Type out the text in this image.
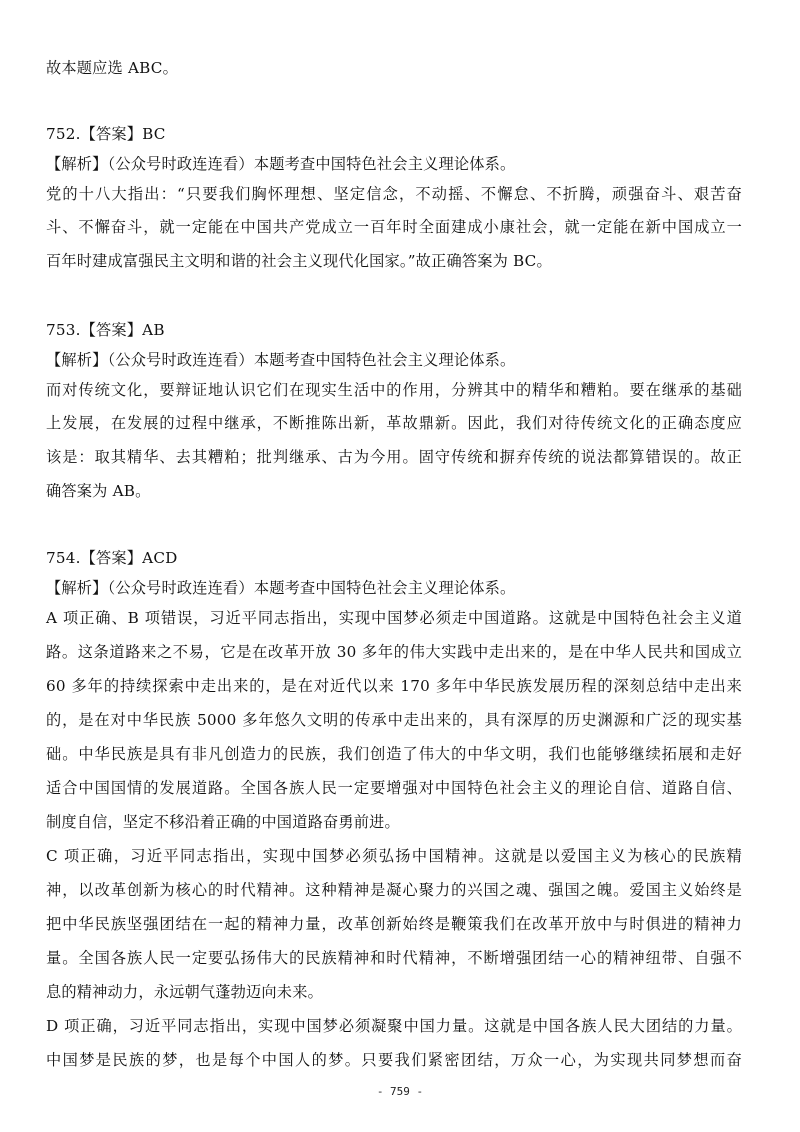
故本题应选 ABC。
752.【答案】BC
【解析】（公众号时政连连看）本题考查中国特色社会主义理论体系。
党的十八大指出：“只要我们胸怀理想、坚定信念，不动摇、不懈怠、不折腾，顽强奋斗、艰苦奋
斗、不懈奋斗，就一定能在中国共产党成立一百年时全面建成小康社会，就一定能在新中国成立一
百年时建成富强民主文明和谐的社会主义现代化国家。”故正确答案为 BC。
753.【答案】AB
【解析】（公众号时政连连看）本题考查中国特色社会主义理论体系。
而对传统文化，要辩证地认识它们在现实生活中的作用，分辨其中的精华和糟粕。要在继承的基础
上发展，在发展的过程中继承，不断推陈出新，革故鼎新。因此，我们对待传统文化的正确态度应
该是：取其精华、去其糟粕；批判继承、古为今用。固守传统和摒弃传统的说法都算错误的。故正
确答案为 AB。
754.【答案】ACD
【解析】（公众号时政连连看）本题考查中国特色社会主义理论体系。
A 项正确、B 项错误，习近平同志指出，实现中国梦必须走中国道路。这就是中国特色社会主义道
路。这条道路来之不易，它是在改革开放 30 多年的伟大实践中走出来的，是在中华人民共和国成立
60 多年的持续探索中走出来的，是在对近代以来 170 多年中华民族发展历程的深刻总结中走出来
的，是在对中华民族 5000 多年悠久文明的传承中走出来的，具有深厚的历史渊源和广泛的现实基
础。中华民族是具有非凡创造力的民族，我们创造了伟大的中华文明，我们也能够继续拓展和走好
适合中国国情的发展道路。全国各族人民一定要增强对中国特色社会主义的理论自信、道路自信、
制度自信，坚定不移沿着正确的中国道路奋勇前进。
C 项正确，习近平同志指出，实现中国梦必须弘扬中国精神。这就是以爱国主义为核心的民族精
神，以改革创新为核心的时代精神。这种精神是凝心聚力的兴国之魂、强国之魄。爱国主义始终是
把中华民族坚强团结在一起的精神力量，改革创新始终是鞭策我们在改革开放中与时俱进的精神力
量。全国各族人民一定要弘扬伟大的民族精神和时代精神，不断增强团结一心的精神纽带、自强不
息的精神动力，永远朝气蓬勃迈向未来。
D 项正确，习近平同志指出，实现中国梦必须凝聚中国力量。这就是中国各族人民大团结的力量。
中国梦是民族的梦，也是每个中国人的梦。只要我们紧密团结，万众一心，为实现共同梦想而奋
- 759 -
